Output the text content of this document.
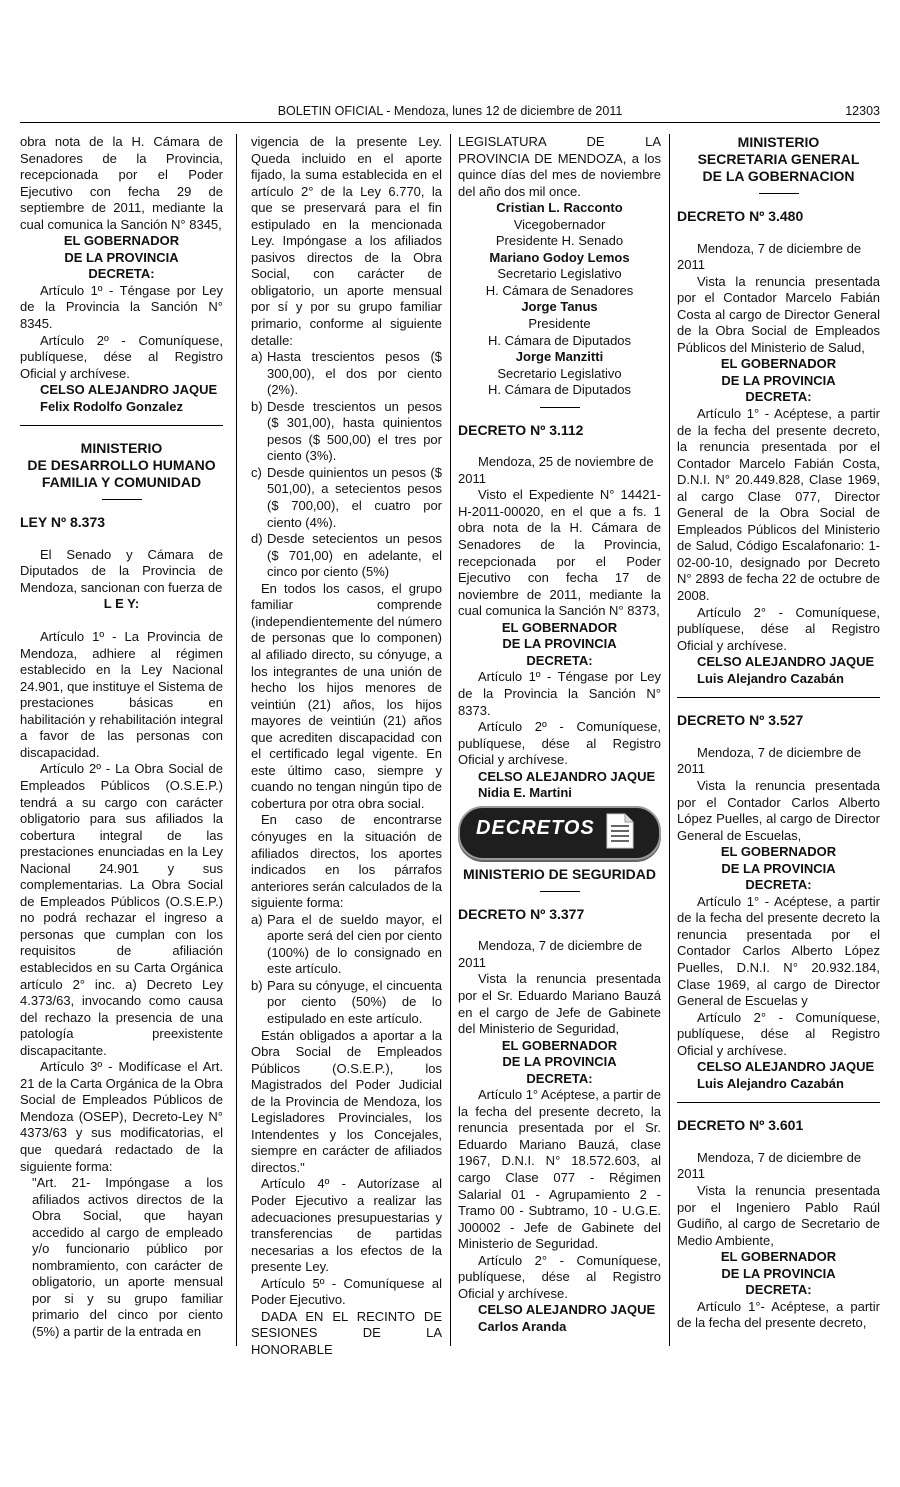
BOLETIN OFICIAL - Mendoza, lunes 12 de diciembre de 2011	12303

obra nota de la H. Cámara de Senadores de la Provincia, recepcionada por el Poder Ejecutivo con fecha 29 de septiembre de 2011, mediante la cual comunica la Sanción N° 8345,

EL GOBERNADOR

DE LA PROVINCIA

DECRETA:

Artículo 1º - Téngase por Ley de la Provincia la Sanción N° 8345.

Artículo 2º - Comuníquese, publíquese, dése al Registro Oficial y archívese.

CELSO ALEJANDRO JAQUE

Felix Rodolfo Gonzalez

MINISTERIO

DE DESARROLLO HUMANO

FAMILIA Y COMUNIDAD

LEY Nº 8.373

El Senado y Cámara de Diputados de la Provincia de Mendoza, sancionan con fuerza de

L E Y:

Artículo 1º - La Provincia de Mendoza, adhiere al régimen establecido en la Ley Nacional 24.901, que instituye el Sistema de prestaciones básicas en habilitación y rehabilitación integral a favor de las personas con discapacidad.

Artículo 2º - La Obra Social de Empleados Públicos (O.S.E.P.) tendrá a su cargo con carácter obligatorio para sus afiliados la cobertura integral de las prestaciones enunciadas en la Ley Nacional 24.901 y sus complementarias. La Obra Social de Empleados Públicos (O.S.E.P.) no podrá rechazar el ingreso a personas que cumplan con los requisitos de afiliación establecidos en su Carta Orgánica artículo 2° inc. a) Decreto Ley 4.373/63, invocando como causa del rechazo la presencia de una patología preexistente discapacitante.

Artículo 3º - Modifícase el Art. 21 de la Carta Orgánica de la Obra Social de Empleados Públicos de Mendoza (OSEP), Decreto-Ley N° 4373/63 y sus modificatorias, el que quedará redactado de la siguiente forma:

"Art. 21- Impóngase a los afiliados activos directos de la Obra Social, que hayan accedido al cargo de empleado y/o funcionario público por nombramiento, con carácter de obligatorio, un aporte mensual por si y su grupo familiar primario del cinco por ciento (5%) a partir de la entrada en

vigencia de la presente Ley. Queda incluido en el aporte fijado, la suma establecida en el artículo 2° de la Ley 6.770, la que se preservará para el fin estipulado en la mencionada Ley. Impóngase a los afiliados pasivos directos de la Obra Social, con carácter de obligatorio, un aporte mensual por sí y por su grupo familiar primario, conforme al siguiente detalle:

a) Hasta trescientos pesos ($ 300,00), el dos por ciento (2%).
b) Desde trescientos un pesos ($ 301,00), hasta quinientos pesos ($ 500,00) el tres por ciento (3%).
c) Desde quinientos un pesos ($ 501,00), a setecientos pesos ($ 700,00), el cuatro por ciento (4%).
d) Desde setecientos un pesos ($ 701,00) en adelante, el cinco por ciento (5%)

En todos los casos, el grupo familiar comprende (independientemente del número de personas que lo componen) al afiliado directo, su cónyuge, a los integrantes de una unión de hecho los hijos menores de veintiún (21) años, los hijos mayores de veintiún (21) años que acrediten discapacidad con el certificado legal vigente. En este último caso, siempre y cuando no tengan ningún tipo de cobertura por otra obra social.

En caso de encontrarse cónyuges en la situación de afiliados directos, los aportes indicados en los párrafos anteriores serán calculados de la siguiente forma:

a) Para el de sueldo mayor, el aporte será del cien por ciento (100%) de lo consignado en este artículo.
b) Para su cónyuge, el cincuenta por ciento (50%) de lo estipulado en este artículo.

Están obligados a aportar a la Obra Social de Empleados Públicos (O.S.E.P.), los Magistrados del Poder Judicial de la Provincia de Mendoza, los Legisladores Provinciales, los Intendentes y los Concejales, siempre en carácter de afiliados directos."

Artículo 4º - Autorízase al Poder Ejecutivo a realizar las adecuaciones presupuestarias y transferencias de partidas necesarias a los efectos de la presente Ley.

Artículo 5º - Comuníquese al Poder Ejecutivo.

DADA EN EL RECINTO DE SESIONES DE LA HONORABLE

LEGISLATURA DE LA PROVINCIA DE MENDOZA, a los quince días del mes de noviembre del año dos mil once.

Cristian L. Racconto

Vicegobernador

Presidente H. Senado

Mariano Godoy Lemos

Secretario Legislativo

H. Cámara de Senadores

Jorge Tanus

Presidente

H. Cámara de Diputados

Jorge Manzitti

Secretario Legislativo

H. Cámara de Diputados

DECRETO Nº 3.112

Mendoza, 25 de noviembre de 2011

Visto el Expediente N° 14421-H-2011-00020, en el que a fs. 1 obra nota de la H. Cámara de Senadores de la Provincia, recepcionada por el Poder Ejecutivo con fecha 17 de noviembre de 2011, mediante la cual comunica la Sanción N° 8373,

EL GOBERNADOR

DE LA PROVINCIA

DECRETA:

Artículo 1º - Téngase por Ley de la Provincia la Sanción N° 8373.

Artículo 2º - Comuníquese, publíquese, dése al Registro Oficial y archívese.

CELSO ALEJANDRO JAQUE

Nidia E. Martini

DECRETOS

MINISTERIO DE SEGURIDAD

DECRETO Nº 3.377

Mendoza, 7 de diciembre de 2011

Vista la renuncia presentada por el Sr. Eduardo Mariano Bauzá en el cargo de Jefe de Gabinete del Ministerio de Seguridad,

EL GOBERNADOR

DE LA PROVINCIA

DECRETA:

Artículo 1° Acéptese, a partir de la fecha del presente decreto, la renuncia presentada por el Sr. Eduardo Mariano Bauzá, clase 1967, D.N.I. N° 18.572.603, al cargo Clase 077 - Régimen Salarial 01 - Agrupamiento 2 - Tramo 00 - Subtramo, 10 - U.G.E. J00002 - Jefe de Gabinete del Ministerio de Seguridad.

Artículo 2° - Comuníquese, publíquese, dése al Registro Oficial y archívese.

CELSO ALEJANDRO JAQUE

Carlos Aranda

MINISTERIO

SECRETARIA GENERAL

DE LA GOBERNACION

DECRETO Nº 3.480

Mendoza, 7 de diciembre de 2011

Vista la renuncia presentada por el Contador Marcelo Fabián Costa al cargo de Director General de la Obra Social de Empleados Públicos del Ministerio de Salud,

EL GOBERNADOR

DE LA PROVINCIA

DECRETA:

Artículo 1° - Acéptese, a partir de la fecha del presente decreto, la renuncia presentada por el Contador Marcelo Fabián Costa, D.N.I. N° 20.449.828, Clase 1969, al cargo Clase 077, Director General de la Obra Social de Empleados Públicos del Ministerio de Salud, Código Escalafonario: 1-02-00-10, designado por Decreto N° 2893 de fecha 22 de octubre de 2008.

Artículo 2° - Comuníquese, publíquese, dése al Registro Oficial y archívese.

CELSO ALEJANDRO JAQUE

Luis Alejandro Cazabán

DECRETO Nº 3.527

Mendoza, 7 de diciembre de 2011

Vista la renuncia presentada por el Contador Carlos Alberto López Puelles, al cargo de Director General de Escuelas,

EL GOBERNADOR

DE LA PROVINCIA

DECRETA:

Artículo 1° - Acéptese, a partir de la fecha del presente decreto la renuncia presentada por el Contador Carlos Alberto López Puelles, D.N.I. N° 20.932.184, Clase 1969, al cargo de Director General de Escuelas y

Artículo 2° - Comuníquese, publíquese, dése al Registro Oficial y archívese.

CELSO ALEJANDRO JAQUE

Luis Alejandro Cazabán

DECRETO Nº 3.601

Mendoza, 7 de diciembre de 2011

Vista la renuncia presentada por el Ingeniero Pablo Raúl Gudiño, al cargo de Secretario de Medio Ambiente,

EL GOBERNADOR

DE LA PROVINCIA

DECRETA:

Artículo 1°- Acéptese, a partir de la fecha del presente decreto,
